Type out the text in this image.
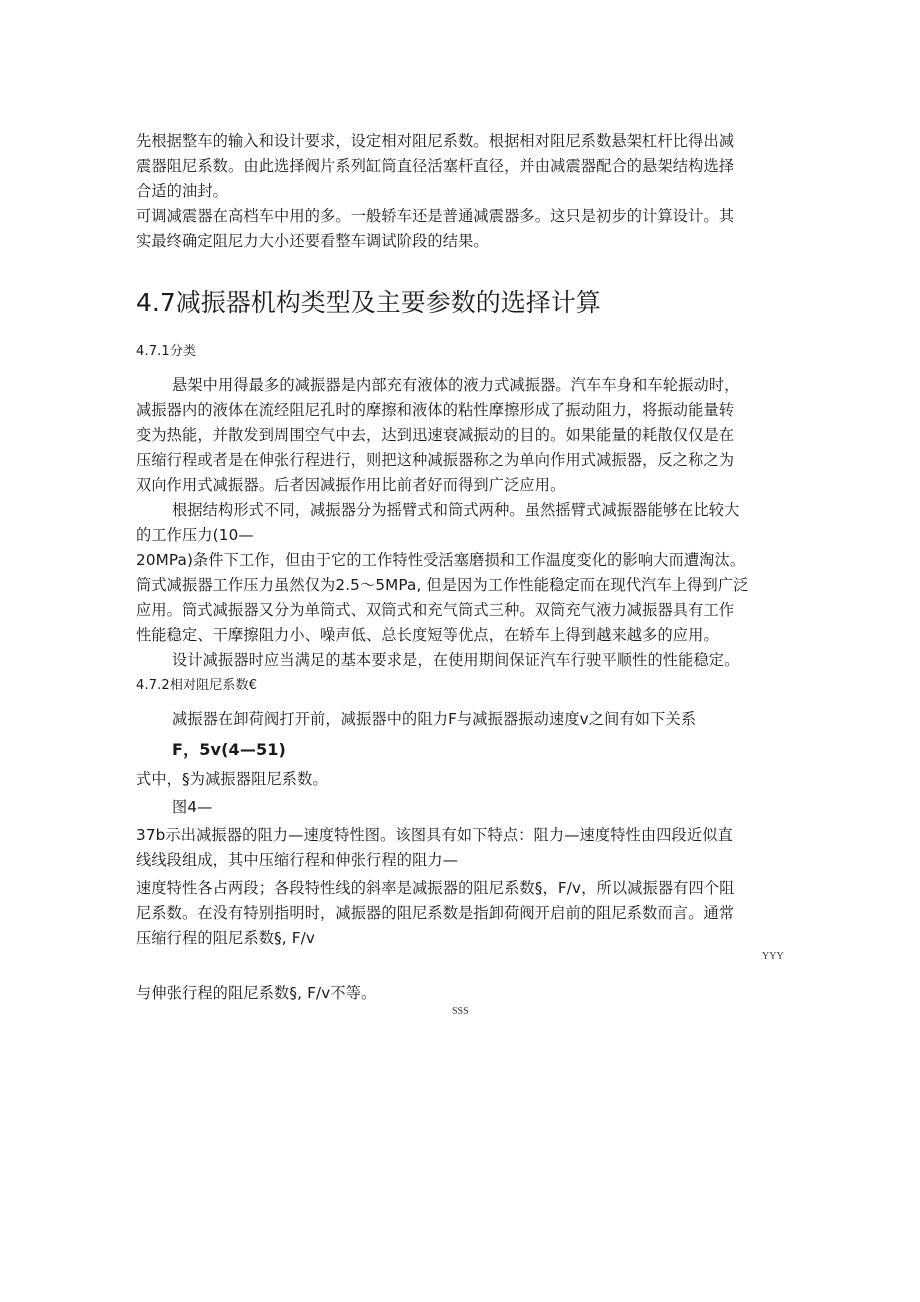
先根据整车的输入和设计要求，设定相对阻尼系数。根据相对阻尼系数悬架杠杆比得出减
震器阻尼系数。由此选择阀片系列缸筒直径活塞杆直径，并由减震器配合的悬架结构选择
合适的油封。
可调减震器在高档车中用的多。一般轿车还是普通减震器多。这只是初步的计算设计。其
实最终确定阻尼力大小还要看整车调试阶段的结果。
4.7减振器机构类型及主要参数的选择计算
4.7.1分类
悬架中用得最多的减振器是内部充有液体的液力式减振器。汽车车身和车轮振动时，
减振器内的液体在流经阻尼孔时的摩擦和液体的粘性摩擦形成了振动阻力，将振动能量转
变为热能，并散发到周围空气中去，达到迅速衰减振动的目的。如果能量的耗散仅仅是在
压缩行程或者是在伸张行程进行，则把这种减振器称之为单向作用式减振器，反之称之为
双向作用式减振器。后者因减振作用比前者好而得到广泛应用。
根据结构形式不同，减振器分为摇臂式和筒式两种。虽然摇臂式减振器能够在比较大
的工作压力(10—
20MPa)条件下工作，但由于它的工作特性受活塞磨损和工作温度变化的影响大而遭淘汰。
筒式减振器工作压力虽然仅为2.5～5MPa, 但是因为工作性能稳定而在现代汽车上得到广泛
应用。筒式减振器又分为单筒式、双筒式和充气筒式三种。双筒充气液力减振器具有工作
性能稳定、干摩擦阻力小、噪声低、总长度短等优点，在轿车上得到越来越多的应用。
设计减振器时应当满足的基本要求是，在使用期间保证汽车行驶平顺性的性能稳定。
4.7.2相对阻尼系数€
减振器在卸荷阀打开前，减振器中的阻力F与减振器振动速度v之间有如下关系
F，5v(4—51)
式中，§为减振器阻尼系数。
图4—
37b示出减振器的阻力—速度特性图。该图具有如下特点：阻力—速度特性由四段近似直
线线段组成，其中压缩行程和伸张行程的阻力—
速度特性各占两段；各段特性线的斜率是减振器的阻尼系数§，F/v，所以减振器有四个阻
尼系数。在没有特别指明时，减振器的阻尼系数是指卸荷阀开启前的阻尼系数而言。通常
压缩行程的阻尼系数§, F/v
YYY
与伸张行程的阻尼系数§, F/v不等。
SSS
